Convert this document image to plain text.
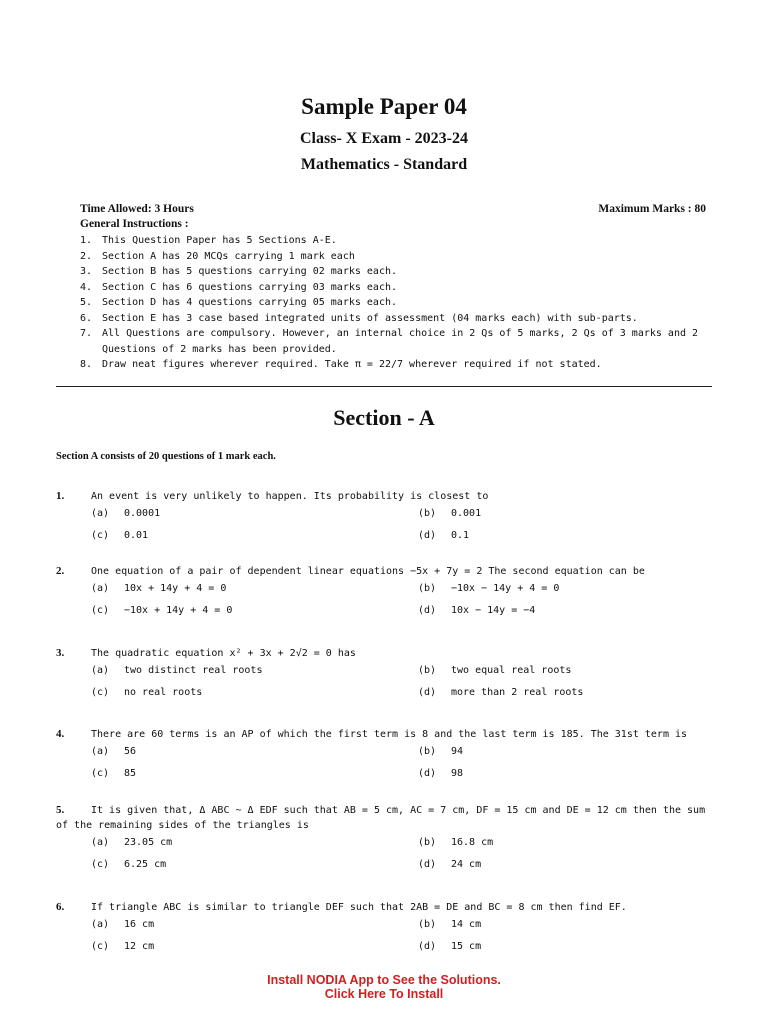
Sample Paper 04
Class- X Exam - 2023-24
Mathematics - Standard
Time Allowed: 3 Hours	Maximum Marks : 80
General Instructions :
1. This Question Paper has 5 Sections A-E.
2. Section A has 20 MCQs carrying 1 mark each
3. Section B has 5 questions carrying 02 marks each.
4. Section C has 6 questions carrying 03 marks each.
5. Section D has 4 questions carrying 05 marks each.
6. Section E has 3 case based integrated units of assessment (04 marks each) with sub-parts.
7. All Questions are compulsory. However, an internal choice in 2 Qs of 5 marks, 2 Qs of 3 marks and 2 Questions of 2 marks has been provided.
8. Draw neat figures wherever required. Take π = 22/7 wherever required if not stated.
Section - A
Section A consists of 20 questions of 1 mark each.
1.	An event is very unlikely to happen. Its probability is closest to
(a) 0.0001	(b) 0.001
(c) 0.01	(d) 0.1
2.	One equation of a pair of dependent linear equations −5x + 7y = 2 The second equation can be
(a) 10x + 14y + 4 = 0	(b) −10x − 14y + 4 = 0
(c) −10x + 14y + 4 = 0	(d) 10x − 14y = −4
3.	The quadratic equation x² + 3x + 2√2 = 0 has
(a) two distinct real roots	(b) two equal real roots
(c) no real roots	(d) more than 2 real roots
4.	There are 60 terms is an AP of which the first term is 8 and the last term is 185. The 31st term is
(a) 56	(b) 94
(c) 85	(d) 98
5.	It is given that, Δ ABC ~ Δ EDF such that AB = 5 cm, AC = 7 cm, DF = 15 cm and DE = 12 cm then the sum of the remaining sides of the triangles is
(a) 23.05 cm	(b) 16.8 cm
(c) 6.25 cm	(d) 24 cm
6.	If triangle ABC is similar to triangle DEF such that 2AB = DE and BC = 8 cm then find EF.
(a) 16 cm	(b) 14 cm
(c) 12 cm	(d) 15 cm
Install NODIA App to See the Solutions.
Click Here To Install
